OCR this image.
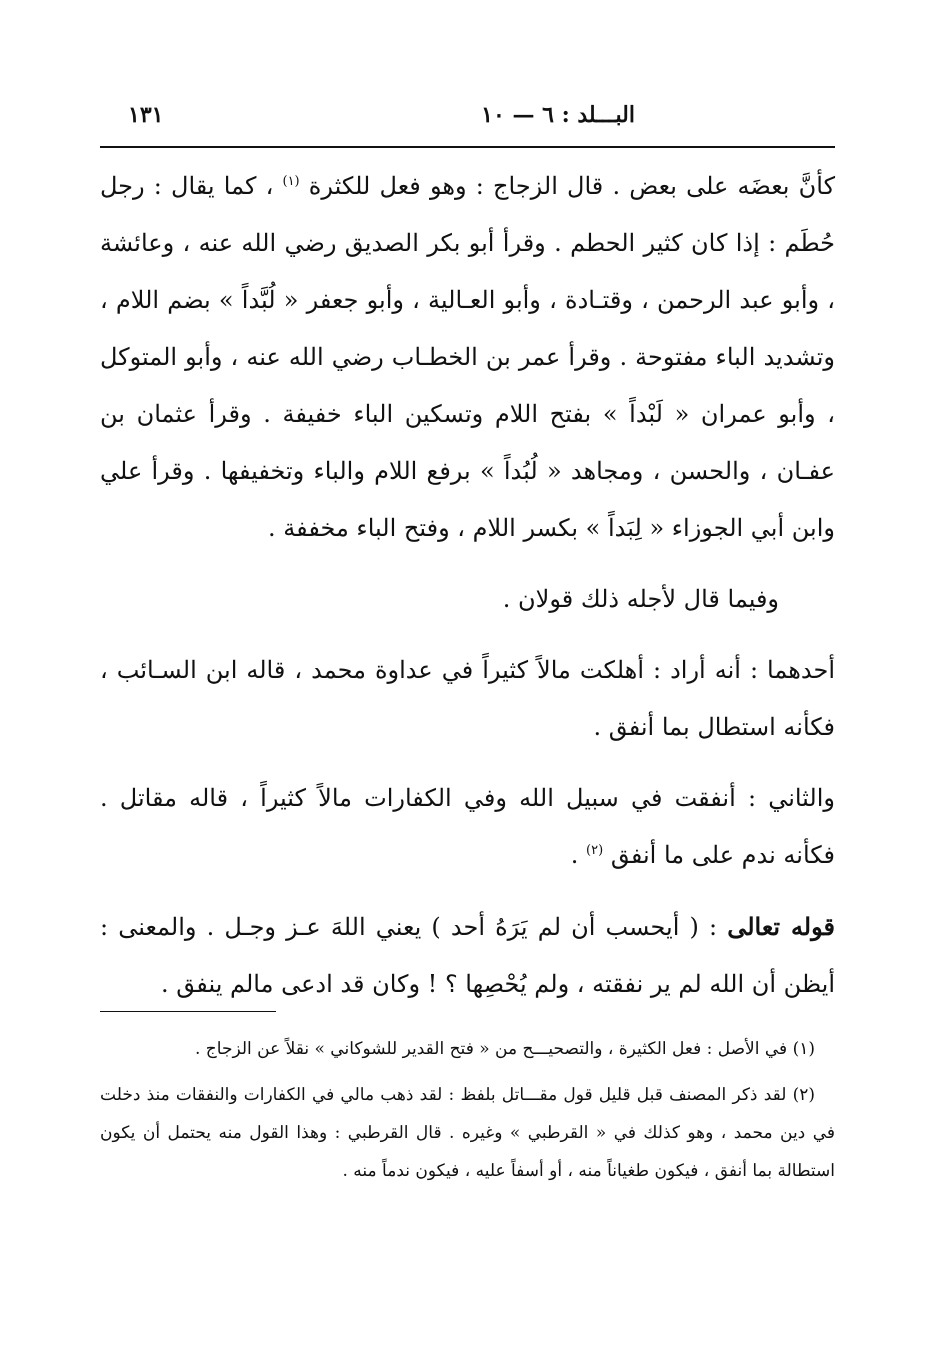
البـــلد : ٦ — ١٠
١٣١

كأنَّ بعضَه على بعض . قال الزجاج : وهو فعل للكثرة $^{(١)}$ ، كما يقال : رجل حُطَم : إذا كان كثير الحطم . وقرأ أبو بكر الصديق رضي الله عنه ، وعائشة ، وأبو عبد الرحمن ، وقتـادة ، وأبو العـالية ، وأبو جعفر « لُبَّداً » بضم اللام ، وتشديد الباء مفتوحة . وقرأ عمر بن الخطـاب رضي الله عنه ، وأبو المتوكل ، وأبو عمران « لَبْداً » بفتح اللام وتسكين الباء خفيفة . وقرأ عثمان بن عفـان ، والحسن ، ومجاهد « لُبُداً » برفع اللام والباء وتخفيفها . وقرأ علي وابن أبي الجوزاء « لِبَداً » بكسر اللام ، وفتح الباء مخففة .

وفيما قال لأجله ذلك قولان .

أحدهما : أنه أراد : أهلكت مالاً كثيراً في عداوة محمد ، قاله ابن السـائب ، فكأنه استطال بما أنفق .

والثاني : أنفقت في سبيل الله وفي الكفارات مالاً كثيراً ، قاله مقاتل . فكأنه ندم على ما أنفق $^{(٢)}$ .

قوله تعالى : ( أيحسب أن لم يَرَهُ أحد ) يعني اللهَ عـز وجـل . والمعنى : أيظن أن الله لم ير نفقته ، ولم يُحْصِها ؟ ! وكان قد ادعى مالم ينفق .

(١) في الأصل : فعل الكثيرة ، والتصحيـــح من « فتح القدير للشوكاني » نقلاً عن الزجاج .

(٢) لقد ذكر المصنف قبل قليل قول مقـــاتل بلفظ : لقد ذهب مالي في الكفارات والنفقات منذ دخلت في دين محمد ، وهو كذلك في « القرطبي » وغيره . قال القرطبي : وهذا القول منه يحتمل أن يكون استطالة بما أنفق ، فيكون طغياناً منه ، أو أسفاً عليه ، فيكون ندماً منه .
